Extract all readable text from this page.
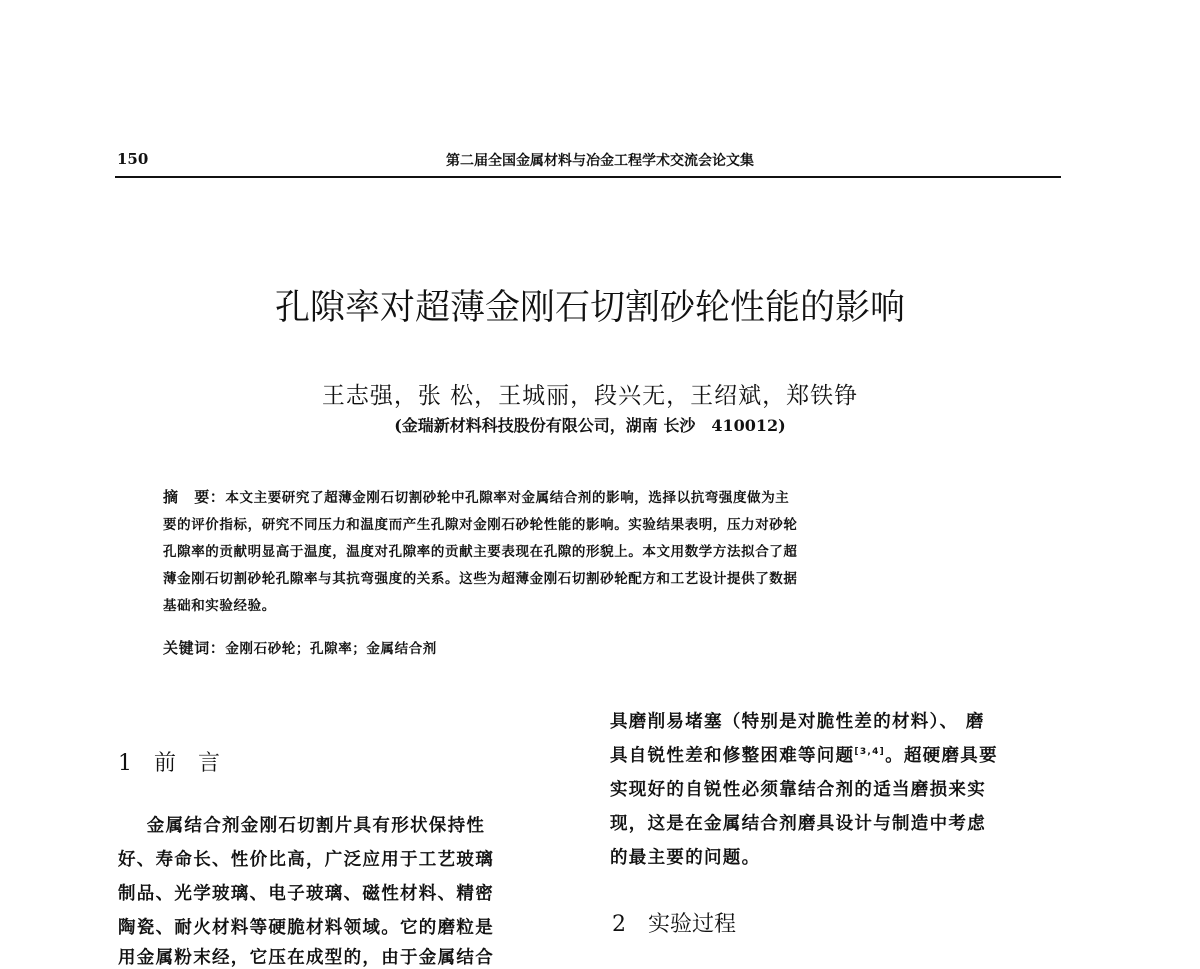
150	第二届全国金属材料与冶金工程学术交流会论文集
孔隙率对超薄金刚石切割砂轮性能的影响
王志强，张 松，王城丽，段兴无，王绍斌，郑铁铮
(金瑞新材料科技股份有限公司，湖南 长沙　410012)
摘　要：本文主要研究了超薄金刚石切割砂轮中孔隙率对金属结合剂的影响，选择以抗弯强度做为主
要的评价指标，研究不同压力和温度而产生孔隙对金刚石砂轮性能的影响。实验结果表明，压力对砂轮
孔隙率的贡献明显高于温度，温度对孔隙率的贡献主要表现在孔隙的形貌上。本文用数学方法拟合了超
薄金刚石切割砂轮孔隙率与其抗弯强度的关系。这些为超薄金刚石切割砂轮配方和工艺设计提供了数据
基础和实验经验。
关键词：金刚石砂轮；孔隙率；金属结合剂
1　前　言
　金属结合剂金刚石切割片具有形状保持性
好、寿命长、性价比高，广泛应用于工艺玻璃
制品、光学玻璃、电子玻璃、磁性材料、精密
陶瓷、耐火材料等硬脆材料领域。它的磨粒是
用金属粉末经，它压在成型的，由于金属结合
具磨削易堵塞（特别是对脆性差的材料）、 磨
具自锐性差和修整困难等问题[3,4]。超硬磨具要
实现好的自锐性必须靠结合剂的适当磨损来实
现，这是在金属结合剂磨具设计与制造中考虑
的最主要的问题。
2　实验过程
